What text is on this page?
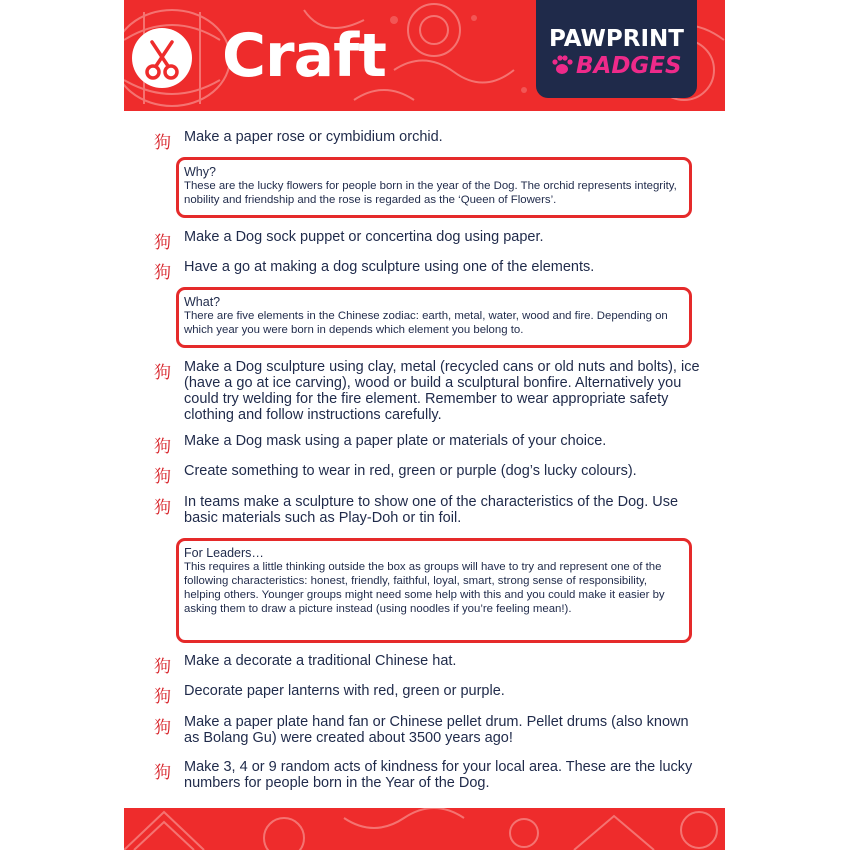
Craft	PAWPRINT
BADGES
狗 Make a paper rose or cymbidium orchid.
Why?
These are the lucky flowers for people born in the year of the Dog. The orchid represents integrity, nobility and friendship and the rose is regarded as the ‘Queen of Flowers’.
狗 Make a Dog sock puppet or concertina dog using paper.
狗 Have a go at making a dog sculpture using one of the elements.
What?
There are five elements in the Chinese zodiac: earth, metal, water, wood and fire. Depending on which year you were born in depends which element you belong to.
狗 Make a Dog sculpture using clay, metal (recycled cans or old nuts and bolts), ice (have a go at ice carving), wood or build a sculptural bonfire. Alternatively you could try welding for the fire element. Remember to wear appropriate safety clothing and follow instructions carefully.
狗 Make a Dog mask using a paper plate or materials of your choice.
狗 Create something to wear in red, green or purple (dog’s lucky colours).
狗 In teams make a sculpture to show one of the characteristics of the Dog. Use basic materials such as Play-Doh or tin foil.
For Leaders…
This requires a little thinking outside the box as groups will have to try and represent one of the following characteristics: honest, friendly, faithful, loyal, smart, strong sense of responsibility, helping others. Younger groups might need some help with this and you could make it easier by asking them to draw a picture instead (using noodles if you’re feeling mean!).
狗 Make a decorate a traditional Chinese hat.
狗 Decorate paper lanterns with red, green or purple.
狗 Make a paper plate hand fan or Chinese pellet drum. Pellet drums (also known as Bolang Gu) were created about 3500 years ago!
狗 Make 3, 4 or 9 random acts of kindness for your local area. These are the lucky numbers for people born in the Year of the Dog.
